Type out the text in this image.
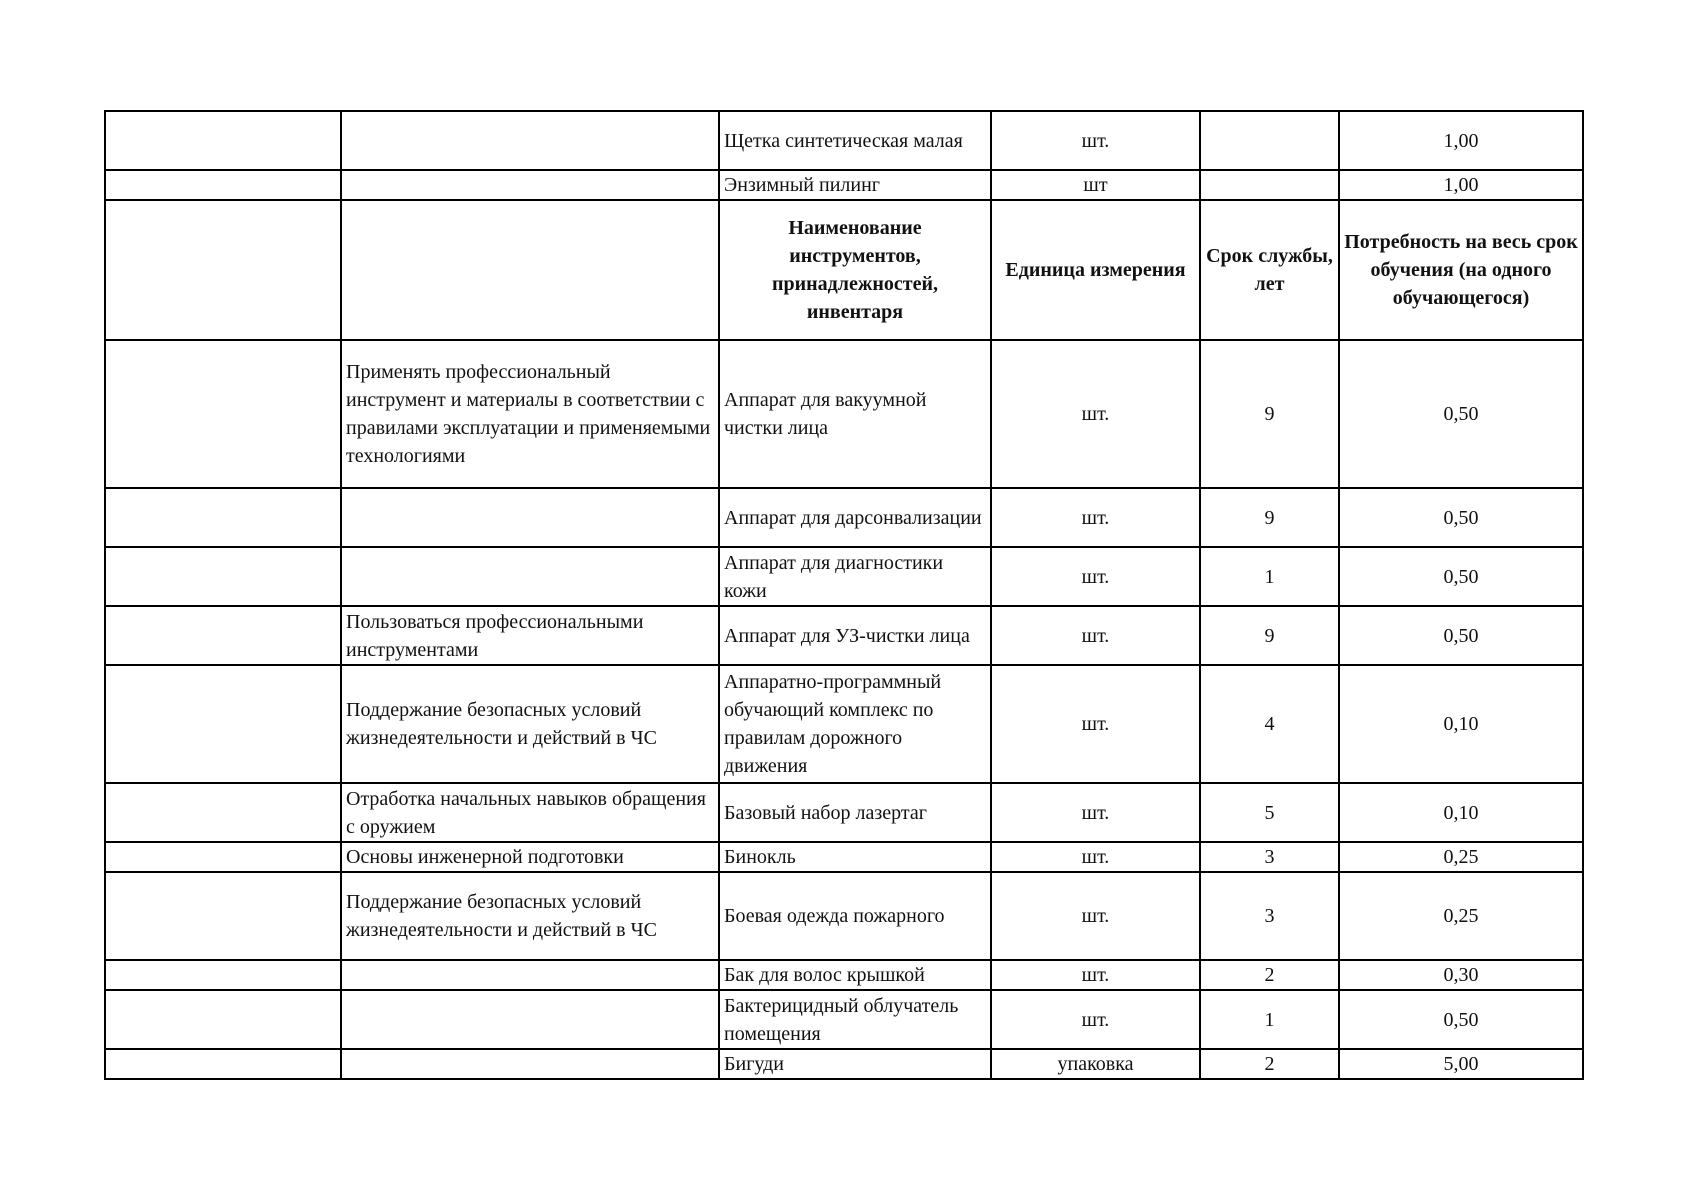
		Щетка синтетическая малая	шт.		1,00
		Энзимный пилинг	шт		1,00
		Наименование инструментов, принадлежностей, инвентаря	Единица измерения	Срок службы, лет	Потребность на весь срок обучения (на одного обучающегося)
	Применять профессиональный инструмент и материалы в соответствии с правилами эксплуатации и применяемыми технологиями	Аппарат для вакуумной чистки лица	шт.	9	0,50
		Аппарат для дарсонвализации	шт.	9	0,50
		Аппарат для диагностики кожи	шт.	1	0,50
	Пользоваться профессиональными инструментами	Аппарат для УЗ-чистки лица	шт.	9	0,50
	Поддержание безопасных условий жизнедеятельности и действий в ЧС	Аппаратно-программный обучающий комплекс по правилам дорожного движения	шт.	4	0,10
	Отработка начальных навыков обращения с оружием	Базовый набор лазертаг	шт.	5	0,10
	Основы инженерной подготовки	Бинокль	шт.	3	0,25
	Поддержание безопасных условий жизнедеятельности и действий в ЧС	Боевая одежда пожарного	шт.	3	0,25
		Бак для волос крышкой	шт.	2	0,30
		Бактерицидный облучатель помещения	шт.	1	0,50
		Бигуди	упаковка	2	5,00
